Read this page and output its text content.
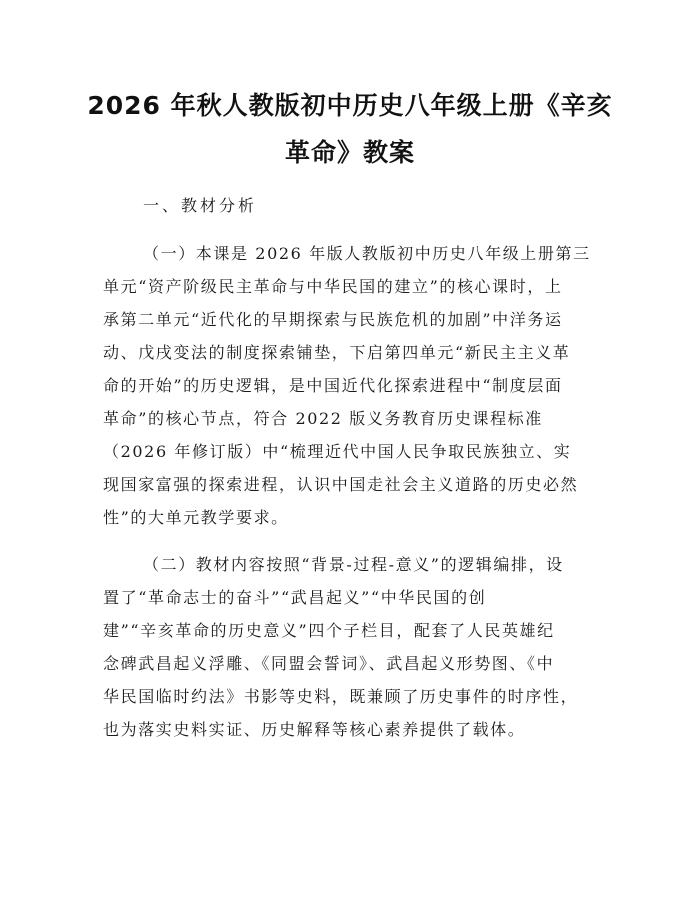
2026 年秋人教版初中历史八年级上册《辛亥
革命》教案
一、教材分析
（一）本课是 2026 年版人教版初中历史八年级上册第三
单元“资产阶级民主革命与中华民国的建立”的核心课时，上
承第二单元“近代化的早期探索与民族危机的加剧”中洋务运
动、戊戌变法的制度探索铺垫，下启第四单元“新民主主义革
命的开始”的历史逻辑，是中国近代化探索进程中“制度层面
革命”的核心节点，符合 2022 版义务教育历史课程标准
（2026 年修订版）中“梳理近代中国人民争取民族独立、实
现国家富强的探索进程，认识中国走社会主义道路的历史必然
性”的大单元教学要求。
（二）教材内容按照“背景-过程-意义”的逻辑编排，设
置了“革命志士的奋斗”“武昌起义”“中华民国的创
建”“辛亥革命的历史意义”四个子栏目，配套了人民英雄纪
念碑武昌起义浮雕、《同盟会誓词》、武昌起义形势图、《中
华民国临时约法》书影等史料，既兼顾了历史事件的时序性，
也为落实史料实证、历史解释等核心素养提供了载体。
